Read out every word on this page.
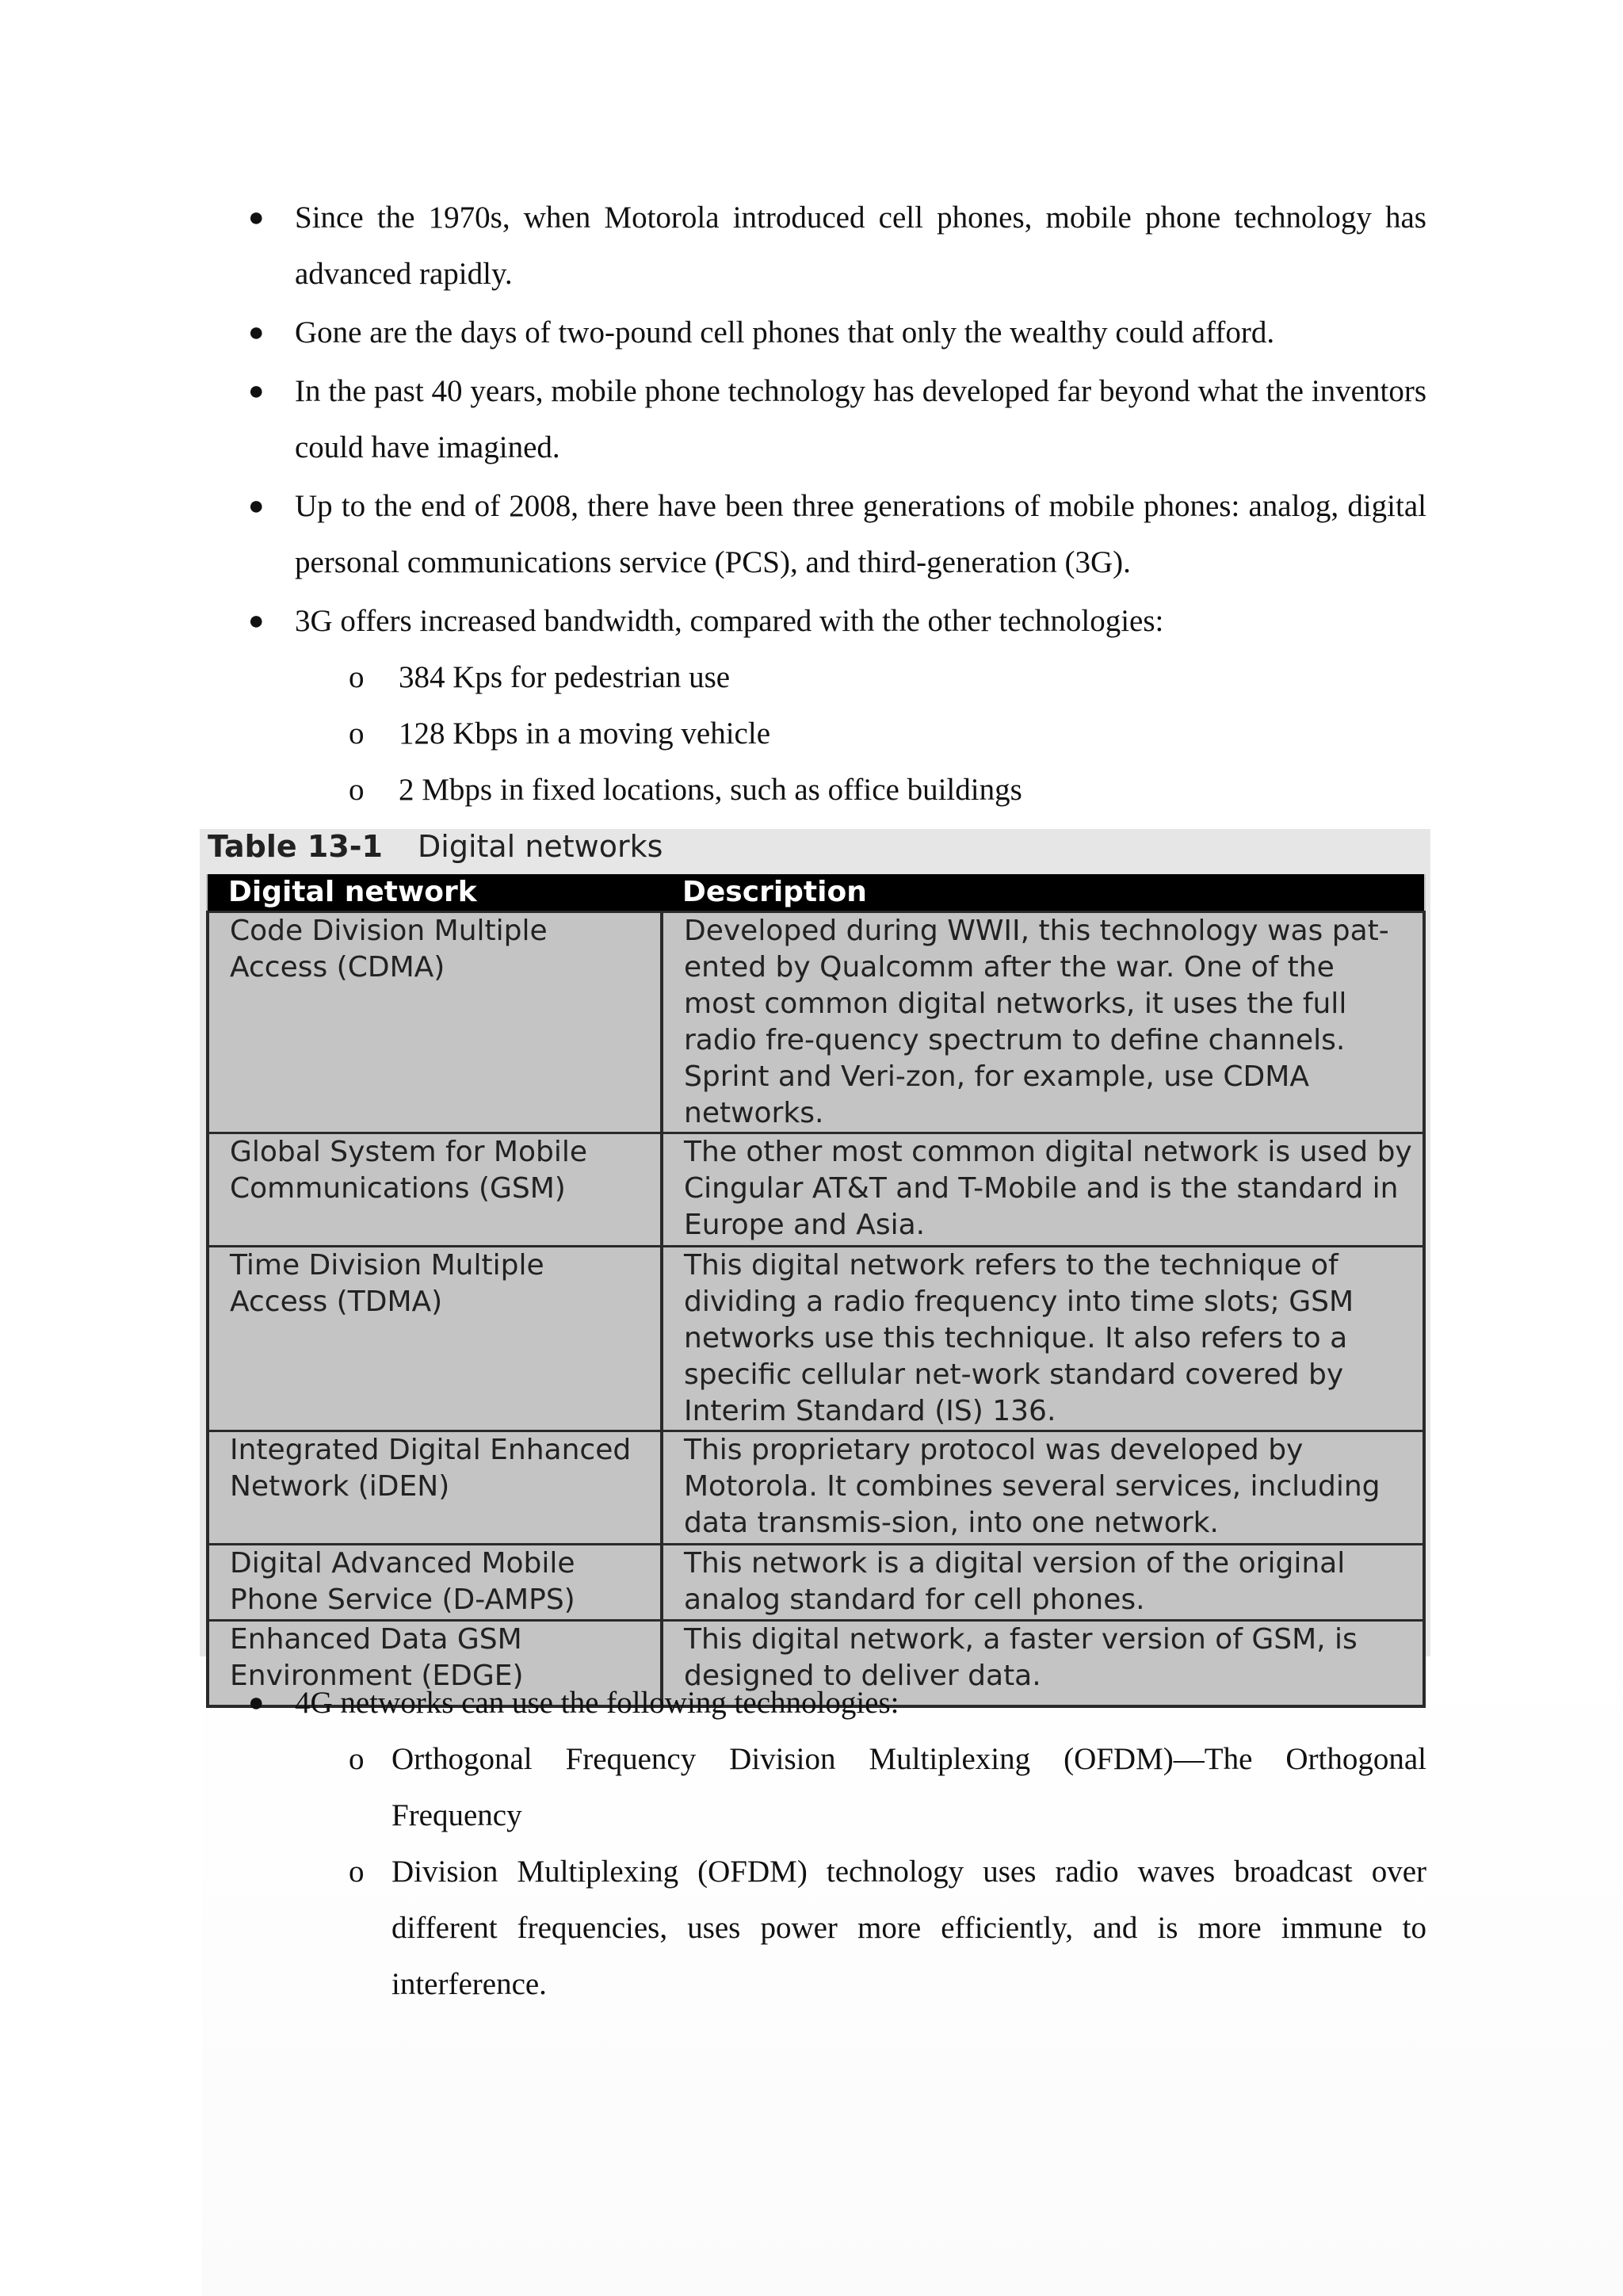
● Since the 1970s, when Motorola introduced cell phones, mobile phone technology has advanced rapidly.
● Gone are the days of two-pound cell phones that only the wealthy could afford.
● In the past 40 years, mobile phone technology has developed far beyond what the inventors could have imagined.
● Up to the end of 2008, there have been three generations of mobile phones: analog, digital personal communications service (PCS), and third-generation (3G).
● 3G offers increased bandwidth, compared with the other technologies:
o 384 Kps for pedestrian use
o 128 Kbps in a moving vehicle
o 2 Mbps in fixed locations, such as office buildings
Table 13-1 Digital networks
Digital network	Description
Code Division Multiple Access (CDMA)	Developed during WWII, this technology was pat-ented by Qualcomm after the war. One of the most common digital networks, it uses the full radio fre-quency spectrum to define channels. Sprint and Veri-zon, for example, use CDMA networks.
Global System for Mobile Communications (GSM)	The other most common digital network is used by Cingular AT&T and T-Mobile and is the standard in Europe and Asia.
Time Division Multiple Access (TDMA)	This digital network refers to the technique of dividing a radio frequency into time slots; GSM networks use this technique. It also refers to a specific cellular net-work standard covered by Interim Standard (IS) 136.
Integrated Digital Enhanced Network (iDEN)	This proprietary protocol was developed by Motorola. It combines several services, including data transmis-sion, into one network.
Digital Advanced Mobile Phone Service (D-AMPS)	This network is a digital version of the original analog standard for cell phones.
Enhanced Data GSM Environment (EDGE)	This digital network, a faster version of GSM, is designed to deliver data.
● 4G networks can use the following technologies:
o Orthogonal Frequency Division Multiplexing (OFDM)—The Orthogonal Frequency
o Division Multiplexing (OFDM) technology uses radio waves broadcast over different frequencies, uses power more efficiently, and is more immune to interference.
